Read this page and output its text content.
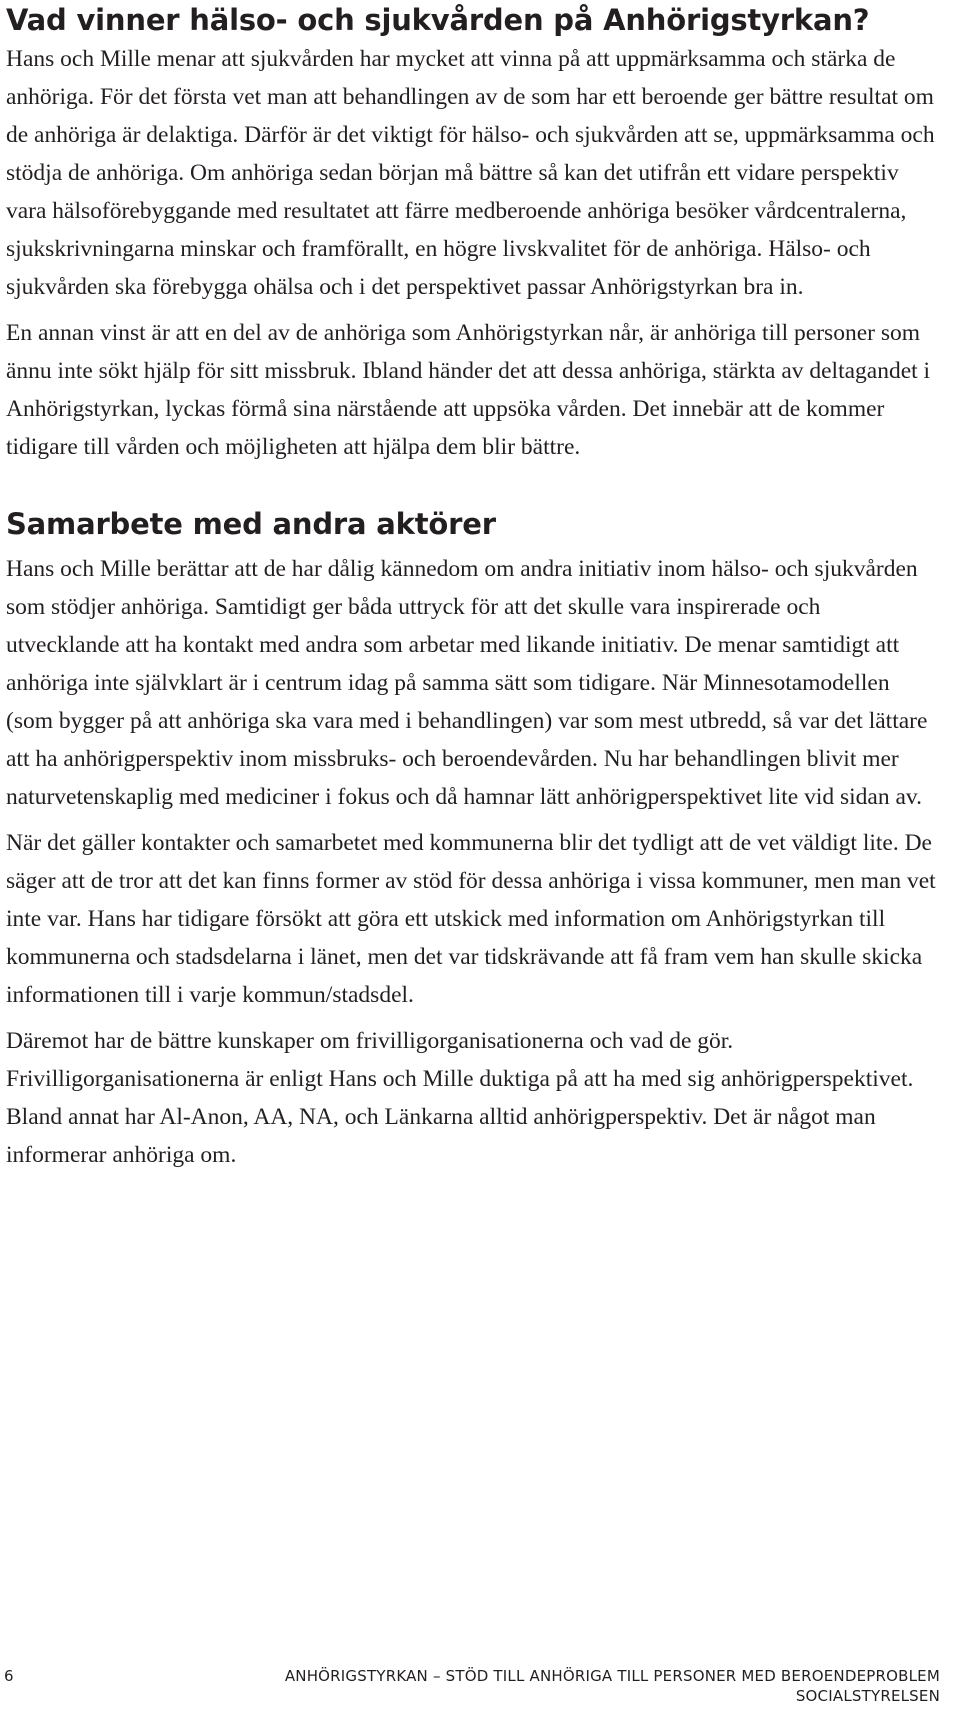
Vad vinner hälso- och sjukvården på Anhörigstyrkan?

Hans och Mille menar att sjukvården har mycket att vinna på att uppmärksamma och stärka de anhöriga. För det första vet man att behandlingen av de som har ett beroende ger bättre resultat om de anhöriga är delaktiga. Därför är det viktigt för hälso- och sjukvården att se, uppmärksamma och stödja de anhöriga. Om anhöriga sedan början må bättre så kan det utifrån ett vidare perspektiv vara hälsoförebyggande med resultatet att färre medberoende anhöriga besöker vårdcentralerna, sjukskrivningarna minskar och framförallt, en högre livskvalitet för de anhöriga. Hälso- och sjukvården ska förebygga ohälsa och i det perspektivet passar Anhörigstyrkan bra in.

En annan vinst är att en del av de anhöriga som Anhörigstyrkan når, är anhöriga till personer som ännu inte sökt hjälp för sitt missbruk. Ibland händer det att dessa anhöriga, stärkta av deltagandet i Anhörigstyrkan, lyckas förmå sina närstående att uppsöka vården. Det innebär att de kommer tidigare till vården och möjligheten att hjälpa dem blir bättre.

Samarbete med andra aktörer

Hans och Mille berättar att de har dålig kännedom om andra initiativ inom hälso- och sjukvården som stödjer anhöriga. Samtidigt ger båda uttryck för att det skulle vara inspirerade och utvecklande att ha kontakt med andra som arbetar med likande initiativ. De menar samtidigt att anhöriga inte självklart är i centrum idag på samma sätt som tidigare. När Minnesotamodellen (som bygger på att anhöriga ska vara med i behandlingen) var som mest utbredd, så var det lättare att ha anhörigperspektiv inom missbruks- och beroendevården. Nu har behandlingen blivit mer naturvetenskaplig med mediciner i fokus och då hamnar lätt anhörigperspektivet lite vid sidan av.

När det gäller kontakter och samarbetet med kommunerna blir det tydligt att de vet väldigt lite. De säger att de tror att det kan finns former av stöd för dessa anhöriga i vissa kommuner, men man vet inte var. Hans har tidigare försökt att göra ett utskick med information om Anhörigstyrkan till kommunerna och stadsdelarna i länet, men det var tidskrävande att få fram vem han skulle skicka informationen till i varje kommun/stadsdel.

Däremot har de bättre kunskaper om frivilligorganisationerna och vad de gör. Frivilligorganisationerna är enligt Hans och Mille duktiga på att ha med sig anhörigperspektivet. Bland annat har Al-Anon, AA, NA, och Länkarna alltid anhörigperspektiv. Det är något man informerar anhöriga om.

6	ANHÖRIGSTYRKAN – STÖD TILL ANHÖRIGA TILL PERSONER MED BEROENDEPROBLEM
SOCIALSTYRELSEN
